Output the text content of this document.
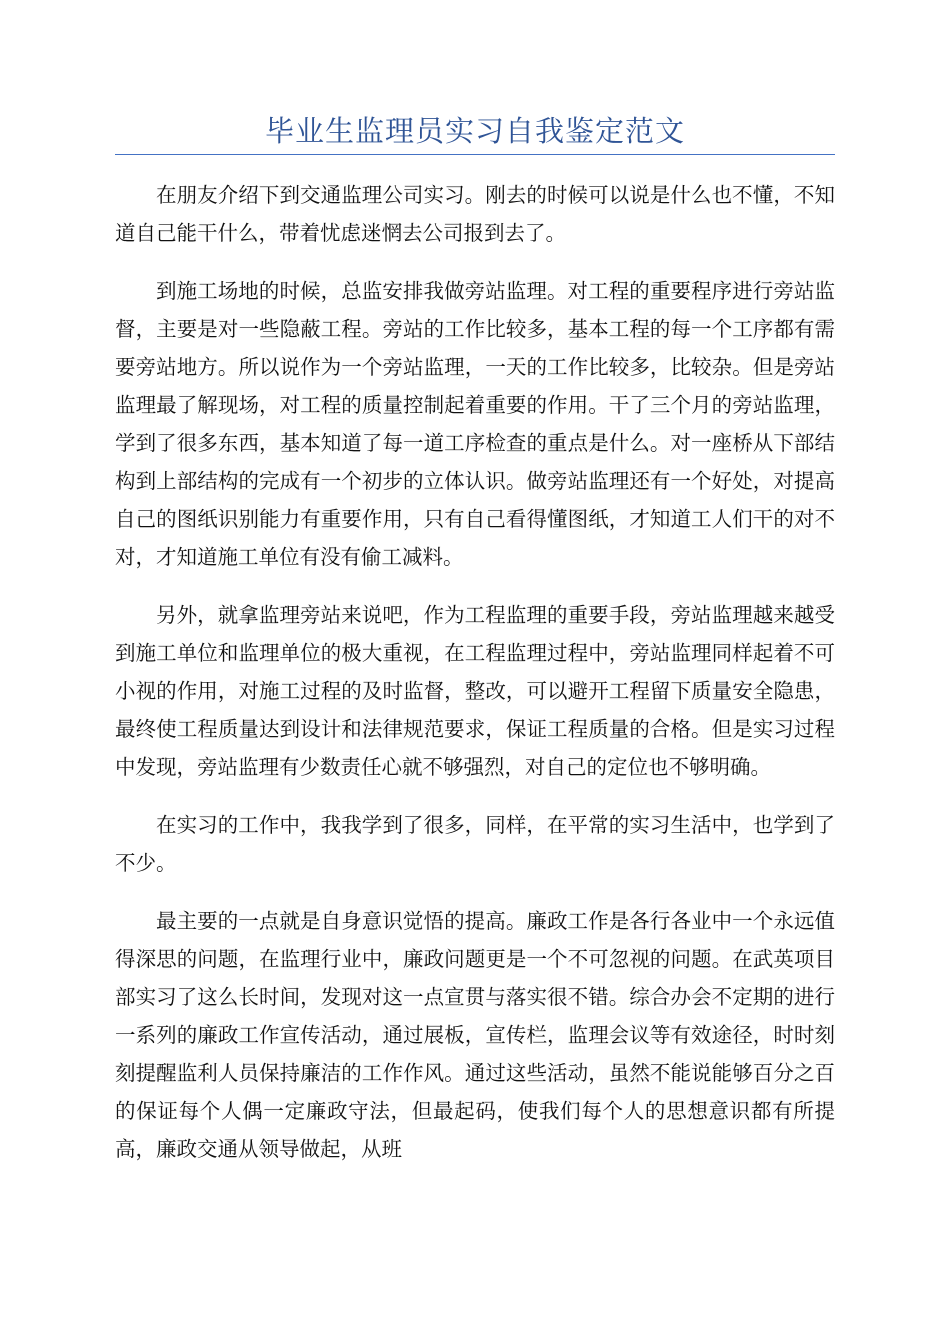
毕业生监理员实习自我鉴定范文

在朋友介绍下到交通监理公司实习。刚去的时候可以说是什么也不懂，不知道自己能干什么，带着忧虑迷惘去公司报到去了。

到施工场地的时候，总监安排我做旁站监理。对工程的重要程序进行旁站监督，主要是对一些隐蔽工程。旁站的工作比较多，基本工程的每一个工序都有需要旁站地方。所以说作为一个旁站监理，一天的工作比较多，比较杂。但是旁站监理最了解现场，对工程的质量控制起着重要的作用。干了三个月的旁站监理，学到了很多东西，基本知道了每一道工序检查的重点是什么。对一座桥从下部结构到上部结构的完成有一个初步的立体认识。做旁站监理还有一个好处，对提高自己的图纸识别能力有重要作用，只有自己看得懂图纸，才知道工人们干的对不对，才知道施工单位有没有偷工减料。

另外，就拿监理旁站来说吧，作为工程监理的重要手段，旁站监理越来越受到施工单位和监理单位的极大重视，在工程监理过程中，旁站监理同样起着不可小视的作用，对施工过程的及时监督，整改，可以避开工程留下质量安全隐患，最终使工程质量达到设计和法律规范要求，保证工程质量的合格。但是实习过程中发现，旁站监理有少数责任心就不够强烈，对自己的定位也不够明确。

在实习的工作中，我我学到了很多，同样，在平常的实习生活中，也学到了不少。

最主要的一点就是自身意识觉悟的提高。廉政工作是各行各业中一个永远值得深思的问题，在监理行业中，廉政问题更是一个不可忽视的问题。在武英项目部实习了这么长时间，发现对这一点宣贯与落实很不错。综合办会不定期的进行一系列的廉政工作宣传活动，通过展板，宣传栏，监理会议等有效途径，时时刻刻提醒监利人员保持廉洁的工作作风。通过这些活动，虽然不能说能够百分之百的保证每个人偶一定廉政守法，但最起码，使我们每个人的思想意识都有所提高，廉政交通从领导做起，从班
